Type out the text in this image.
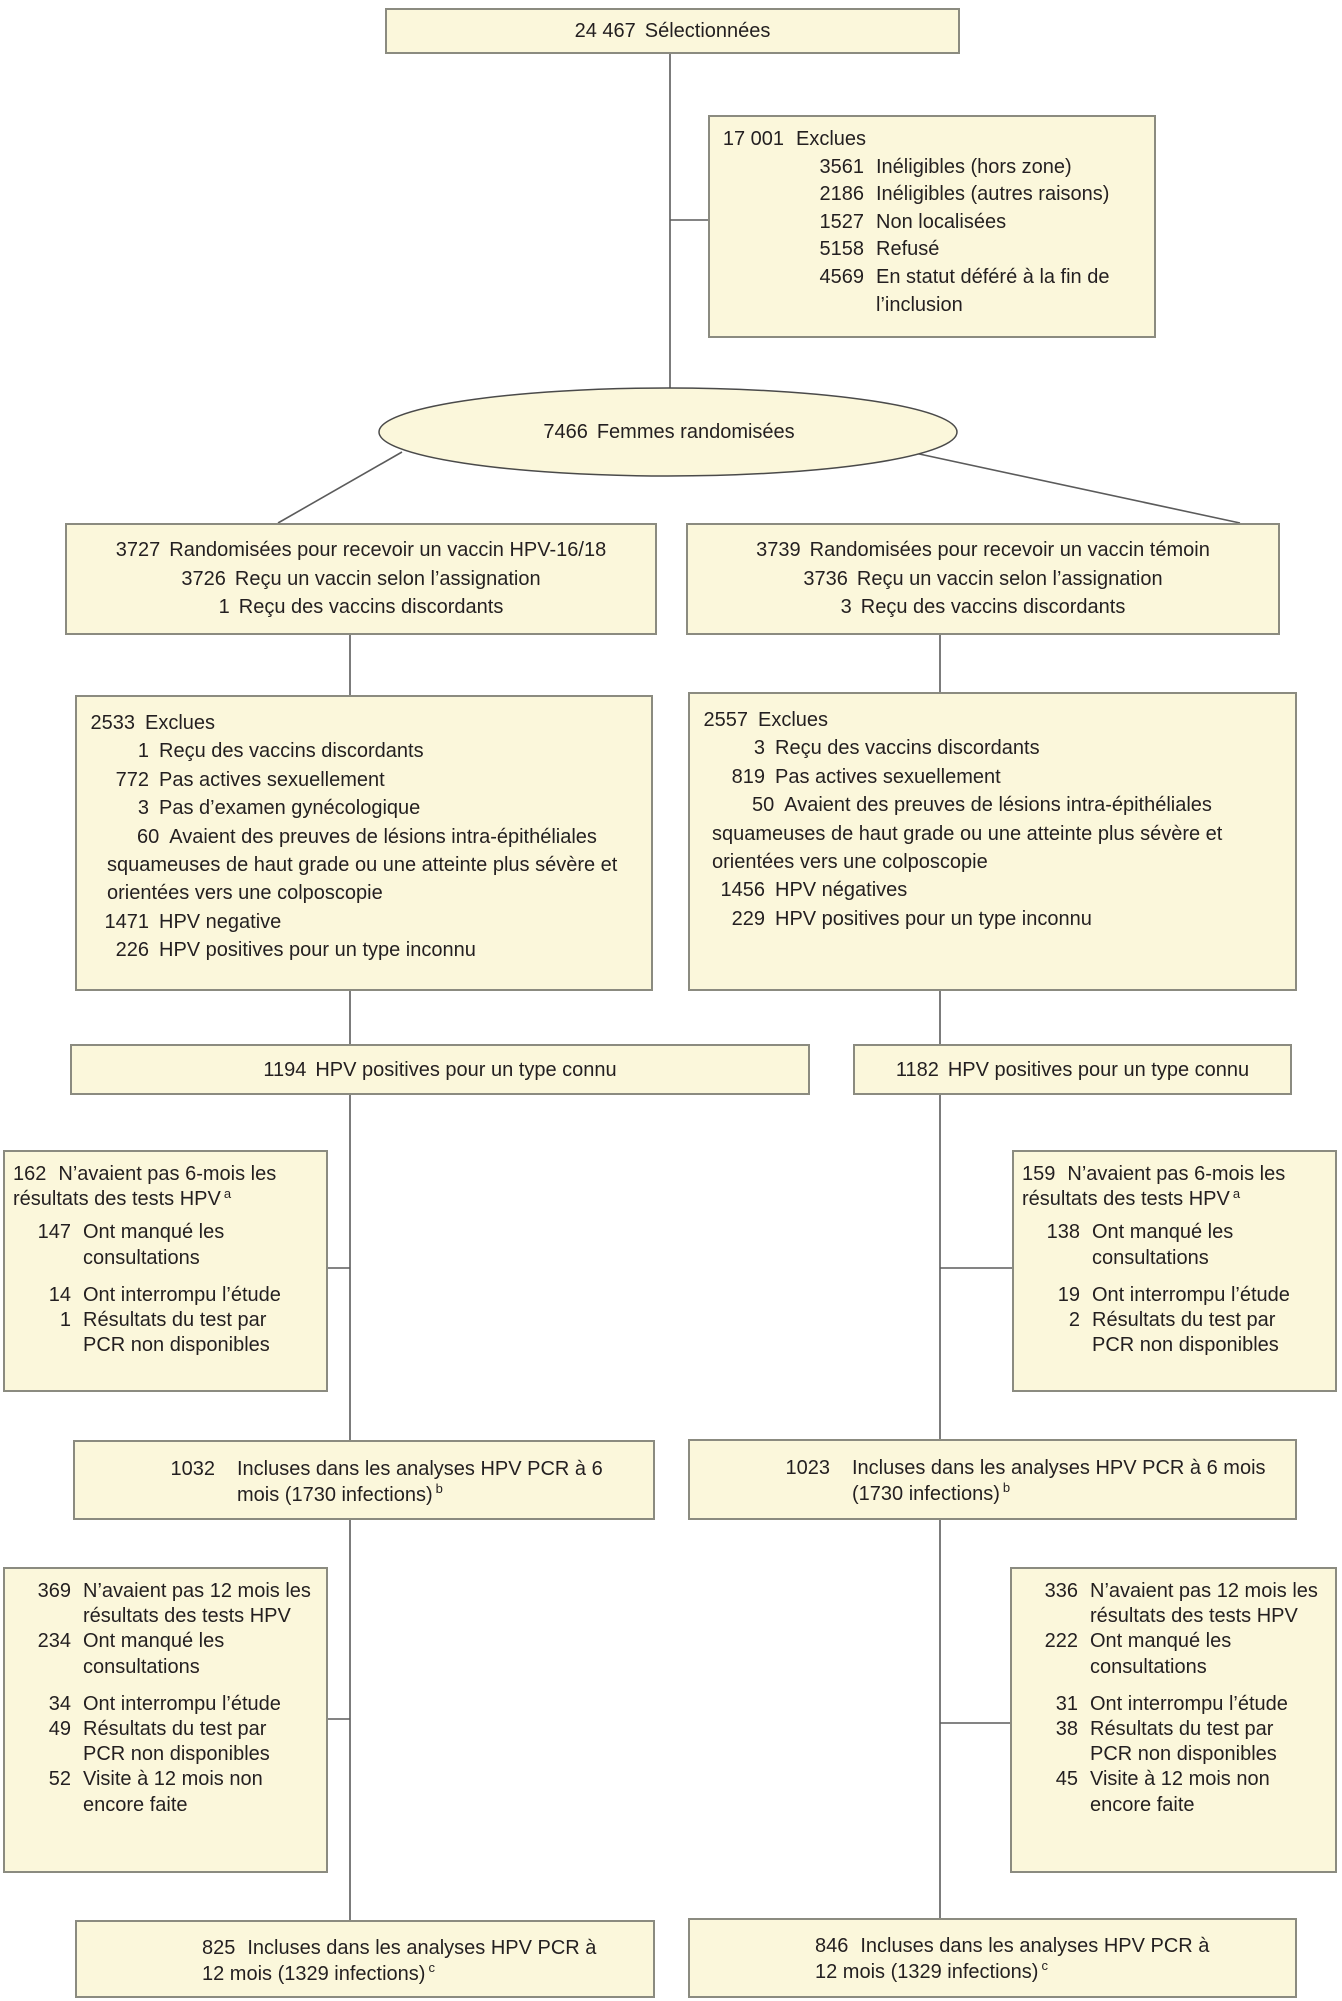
24 467 Sélectionnées
17 001 Exclues
3561 Inéligibles (hors zone)
2186 Inéligibles (autres raisons)
1527 Non localisées
5158 Refusé
4569 En statut déféré à la fin de l’inclusion
7466 Femmes randomisées
3727 Randomisées pour recevoir un vaccin HPV-16/18
3726 Reçu un vaccin selon l’assignation
1 Reçu des vaccins discordants
3739 Randomisées pour recevoir un vaccin témoin
3736 Reçu un vaccin selon l’assignation
3 Reçu des vaccins discordants
2533 Exclues
1 Reçu des vaccins discordants
772 Pas actives sexuellement
3 Pas d’examen gynécologique
60 Avaient des preuves de lésions intra-épithéliales squameuses de haut grade ou une atteinte plus sévère et orientées vers une colposcopie
1471 HPV negative
226 HPV positives pour un type inconnu
2557 Exclues
3 Reçu des vaccins discordants
819 Pas actives sexuellement
50 Avaient des preuves de lésions intra-épithéliales squameuses de haut grade ou une atteinte plus sévère et orientées vers une colposcopie
1456 HPV négatives
229 HPV positives pour un type inconnu
1194 HPV positives pour un type connu	1182 HPV positives pour un type connu
162 N’avaient pas 6-mois les résultats des tests HPV $^a$
147 Ont manqué les consultations
14 Ont interrompu l’étude
1 Résultats du test par PCR non disponibles
159 N’avaient pas 6-mois les résultats des tests HPV $^a$
138 Ont manqué les consultations
19 Ont interrompu l’étude
2 Résultats du test par PCR non disponibles
1032	Incluses dans les analyses HPV PCR à 6 mois (1730 infections) $^b$
1023	Incluses dans les analyses HPV PCR à 6 mois (1730 infections) $^b$
369 N’avaient pas 12 mois les résultats des tests HPV
234 Ont manqué les consultations
34 Ont interrompu l’étude
49 Résultats du test par PCR non disponibles
52 Visite à 12 mois non encore faite
336 N’avaient pas 12 mois les résultats des tests HPV
222 Ont manqué les consultations
31 Ont interrompu l’étude
38 Résultats du test par PCR non disponibles
45 Visite à 12 mois non encore faite
825 Incluses dans les analyses HPV PCR à 12 mois (1329 infections) $^c$
846 Incluses dans les analyses HPV PCR à 12 mois (1329 infections) $^c$
